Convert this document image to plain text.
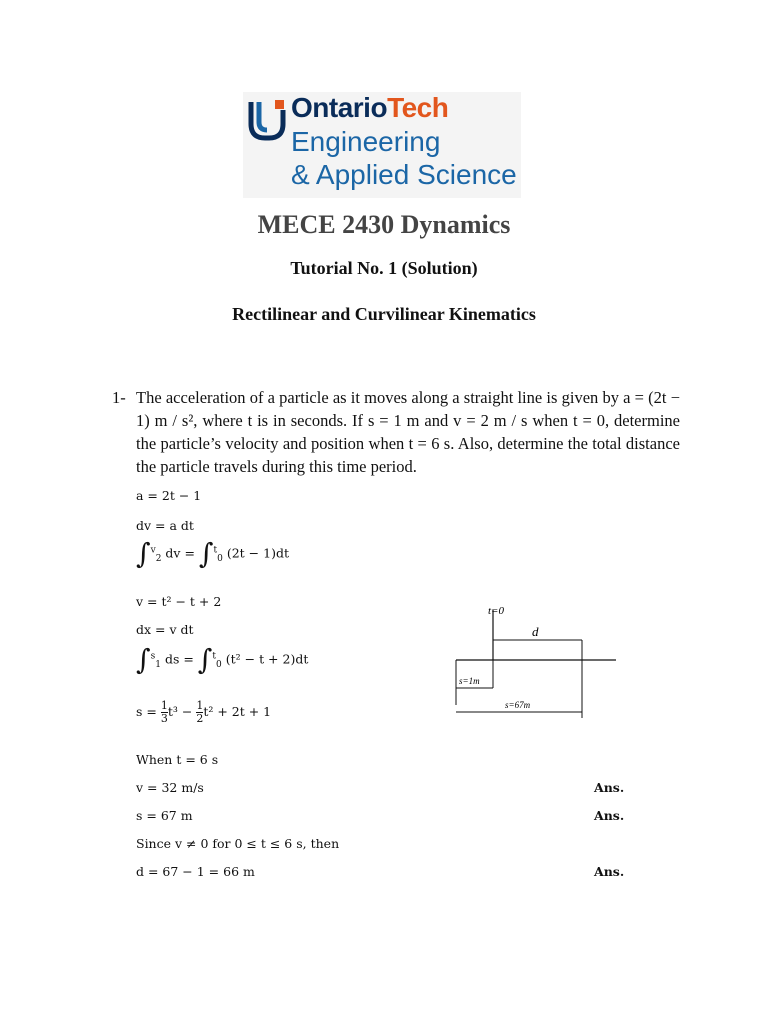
OntarioTech
Engineering
& Applied Science
MECE 2430 Dynamics
Tutorial No. 1 (Solution)
Rectilinear and Curvilinear Kinematics
1- The acceleration of a particle as it moves along a straight line is given by a = (2t − 1) m / s², where t is in seconds. If s = 1 m and v = 2 m / s when t = 0, determine the particle’s velocity and position when t = 6 s. Also, determine the total distance the particle travels during this time period.
a = 2t − 1
dv = a dt
∫$^v_2$ dv = ∫$^t_0$ (2t − 1)dt
v = t² − t + 2
dx = v dt
∫$^s_1$ ds = ∫$^t_0$ (t² − t + 2)dt
$s = \frac{1}{3} t^3 - \frac{1}{2} t^2 + 2t + 1$
When t = 6 s
v = 32 m/s	Ans.
s = 67 m	Ans.
Since v ≠ 0 for 0 ≤ t ≤ 6 s, then
d = 67 − 1 = 66 m	Ans.
t=0
d
s=1m
s=67m
